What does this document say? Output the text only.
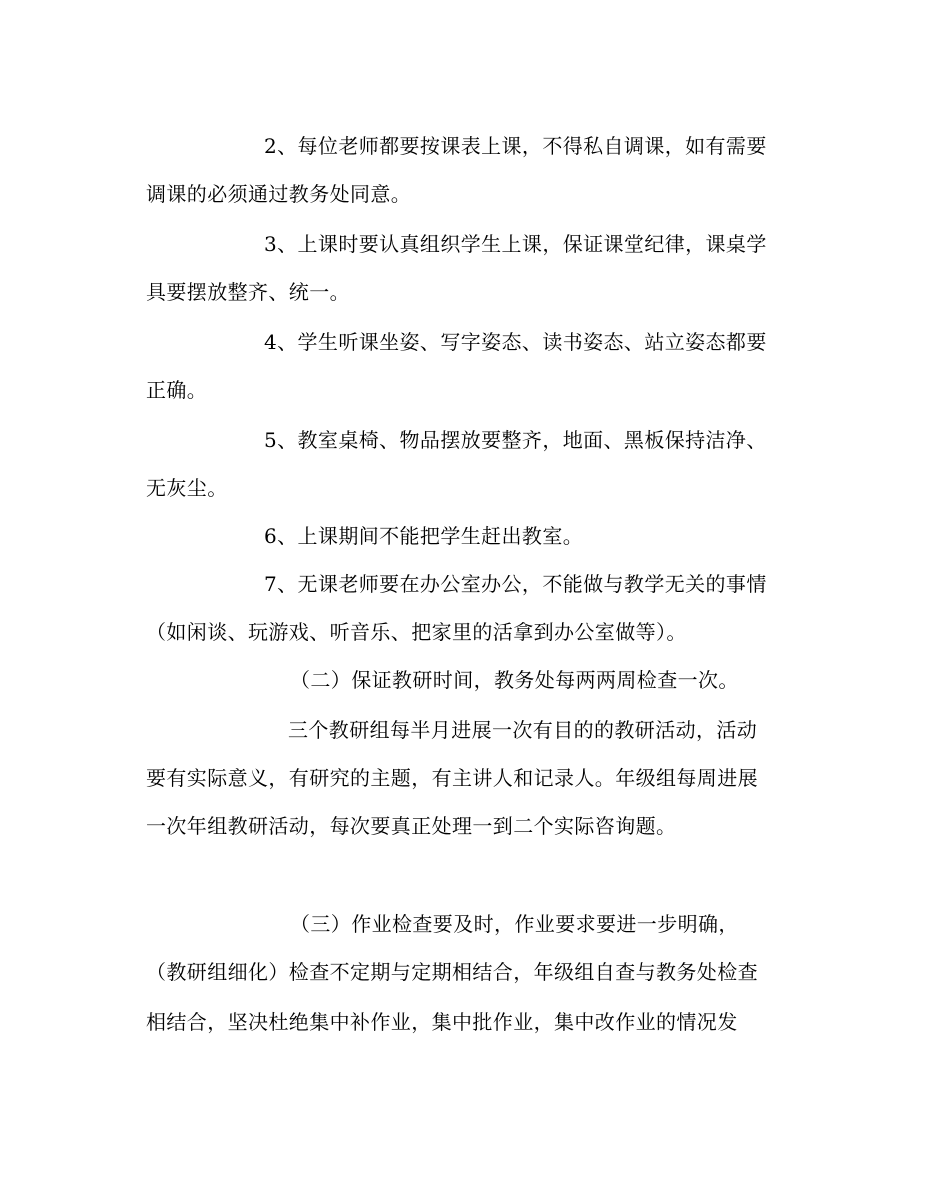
2、每位老师都要按课表上课，不得私自调课，如有需要
调课的必须通过教务处同意。
3、上课时要认真组织学生上课，保证课堂纪律，课桌学
具要摆放整齐、统一。
4、学生听课坐姿、写字姿态、读书姿态、站立姿态都要
正确。
5、教室桌椅、物品摆放要整齐，地面、黑板保持洁净、
无灰尘。
6、上课期间不能把学生赶出教室。
7、无课老师要在办公室办公，不能做与教学无关的事情
（如闲谈、玩游戏、听音乐、把家里的活拿到办公室做等）。
（二）保证教研时间，教务处每两两周检查一次。
三个教研组每半月进展一次有目的的教研活动，活动
要有实际意义，有研究的主题，有主讲人和记录人。年级组每周进展
一次年组教研活动，每次要真正处理一到二个实际咨询题。
（三）作业检查要及时，作业要求要进一步明确，
（教研组细化）检查不定期与定期相结合，年级组自查与教务处检查
相结合，坚决杜绝集中补作业，集中批作业，集中改作业的情况发
